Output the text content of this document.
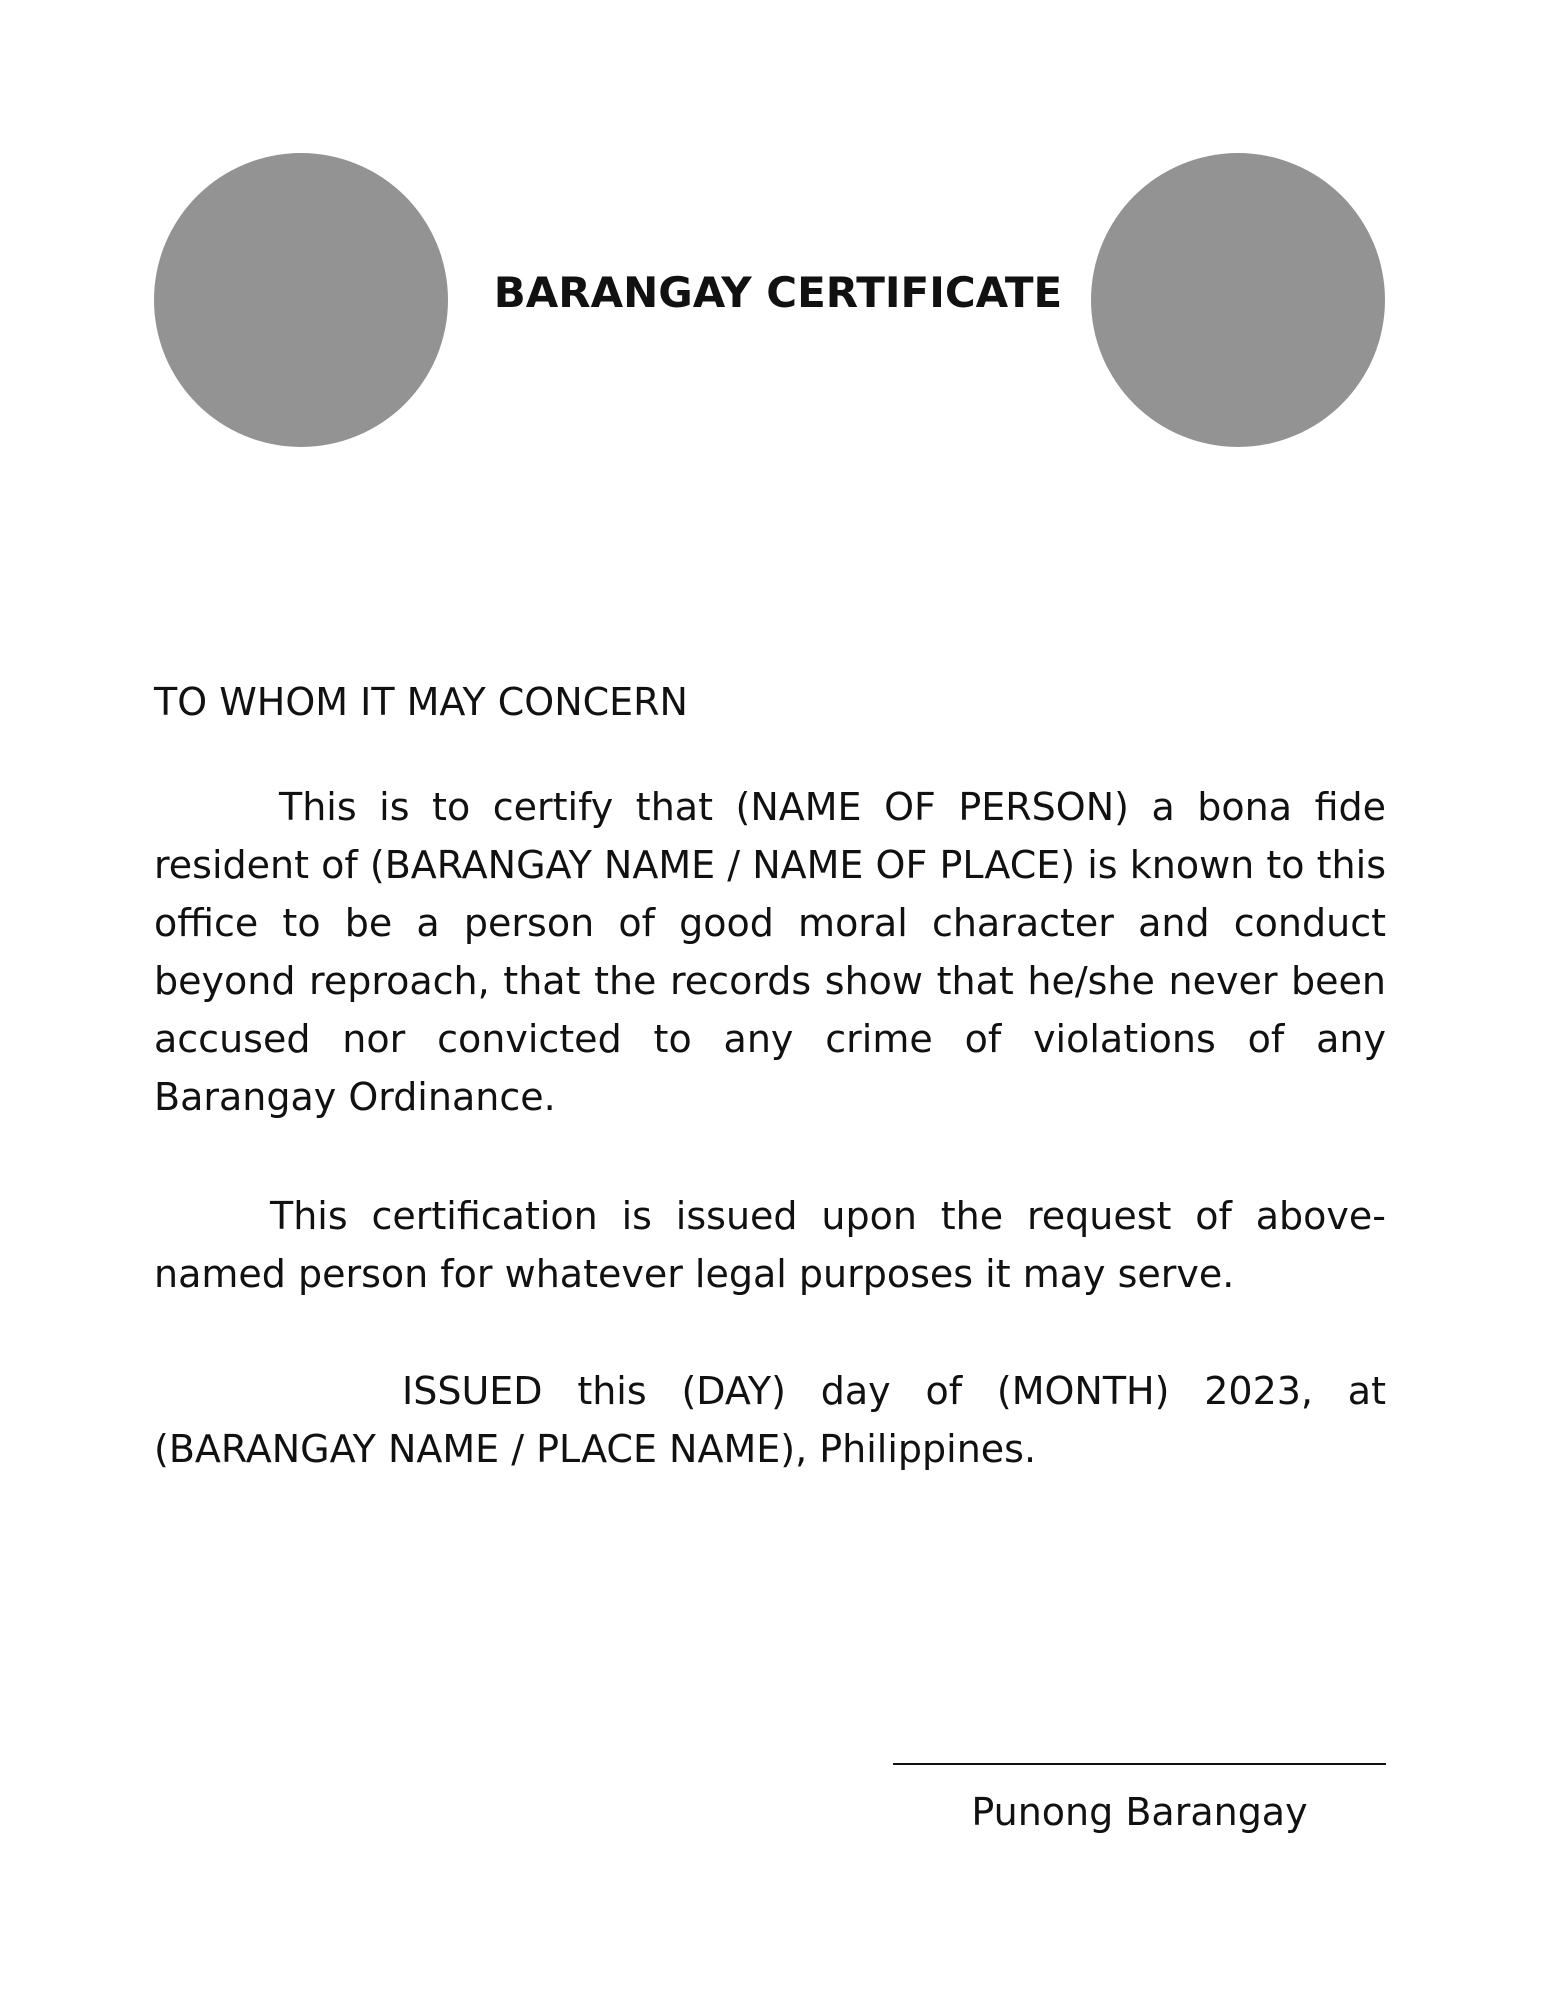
BARANGAY CERTIFICATE

TO WHOM IT MAY CONCERN

This is to certify that (NAME OF PERSON) a bona fide resident of (BARANGAY NAME / NAME OF PLACE) is known to this office to be a person of good moral character and conduct beyond reproach, that the records show that he/she never been accused nor convicted to any crime of violations of any Barangay Ordinance.

This certification is issued upon the request of above-named person for whatever legal purposes it may serve.

ISSUED this (DAY) day of (MONTH) 2023, at (BARANGAY NAME / PLACE NAME), Philippines.

Punong Barangay
